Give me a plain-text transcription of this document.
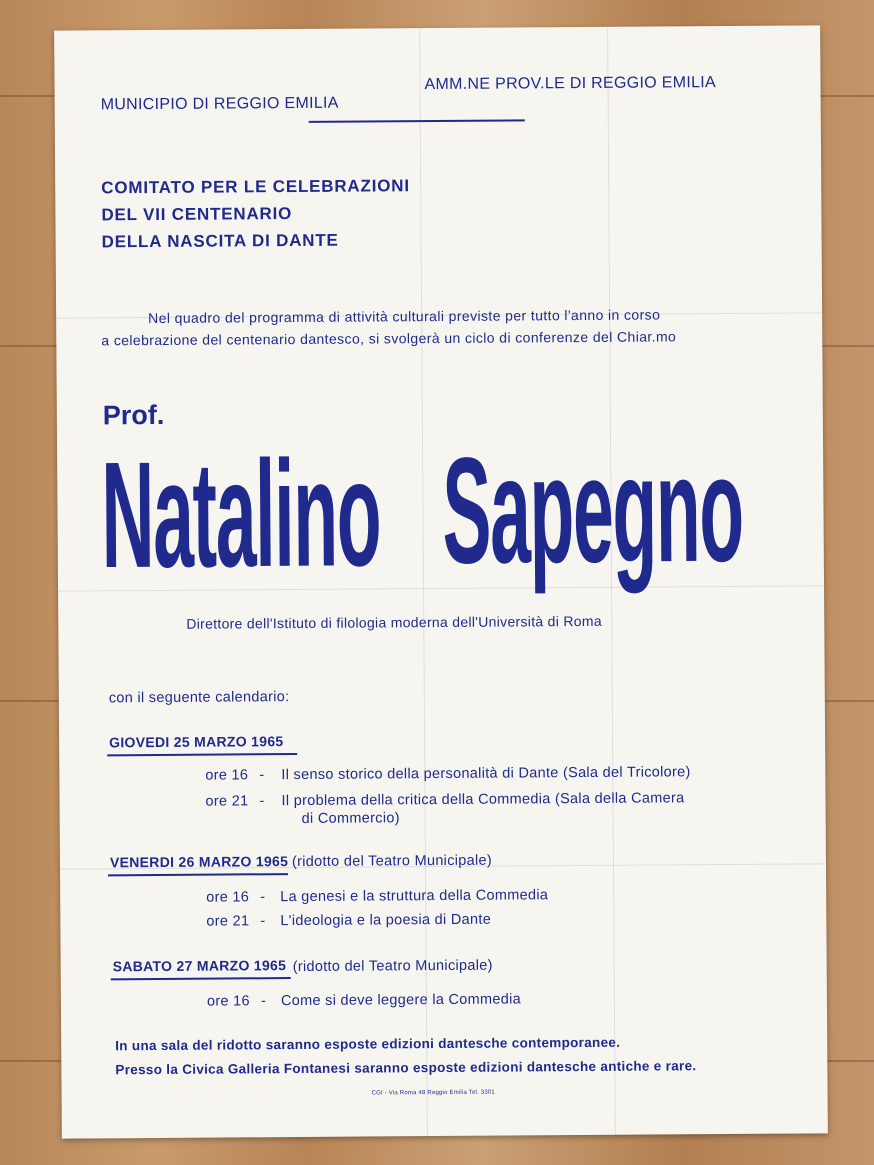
MUNICIPIO DI REGGIO EMILIA

AMM.NE PROV.LE DI REGGIO EMILIA

COMITATO PER LE CELEBRAZIONI
DEL VII CENTENARIO
DELLA NASCITA DI DANTE

Nel quadro del programma di attività culturali previste per tutto l'anno in corso

a celebrazione del centenario dantesco, si svolgerà un ciclo di conferenze del Chiar.mo

Prof.

Natalino Sapegno

Direttore dell'Istituto di filologia moderna dell'Università di Roma

con il seguente calendario:

GIOVEDI 25 MARZO 1965

ore 16 - Il senso storico della personalità di Dante (Sala del Tricolore)

ore 21 - Il problema della critica della Commedia (Sala della Camera

di Commercio)

VENERDI 26 MARZO 1965 (ridotto del Teatro Municipale)

ore 16 - La genesi e la struttura della Commedia

ore 21 - L'ideologia e la poesia di Dante

SABATO 27 MARZO 1965 (ridotto del Teatro Municipale)

ore 16 - Come si deve leggere la Commedia

In una sala del ridotto saranno esposte edizioni dantesche contemporanee.

Presso la Civica Galleria Fontanesi saranno esposte edizioni dantesche antiche e rare.

CGI - Via Roma 48 Reggio Emilia Tel. 3301
